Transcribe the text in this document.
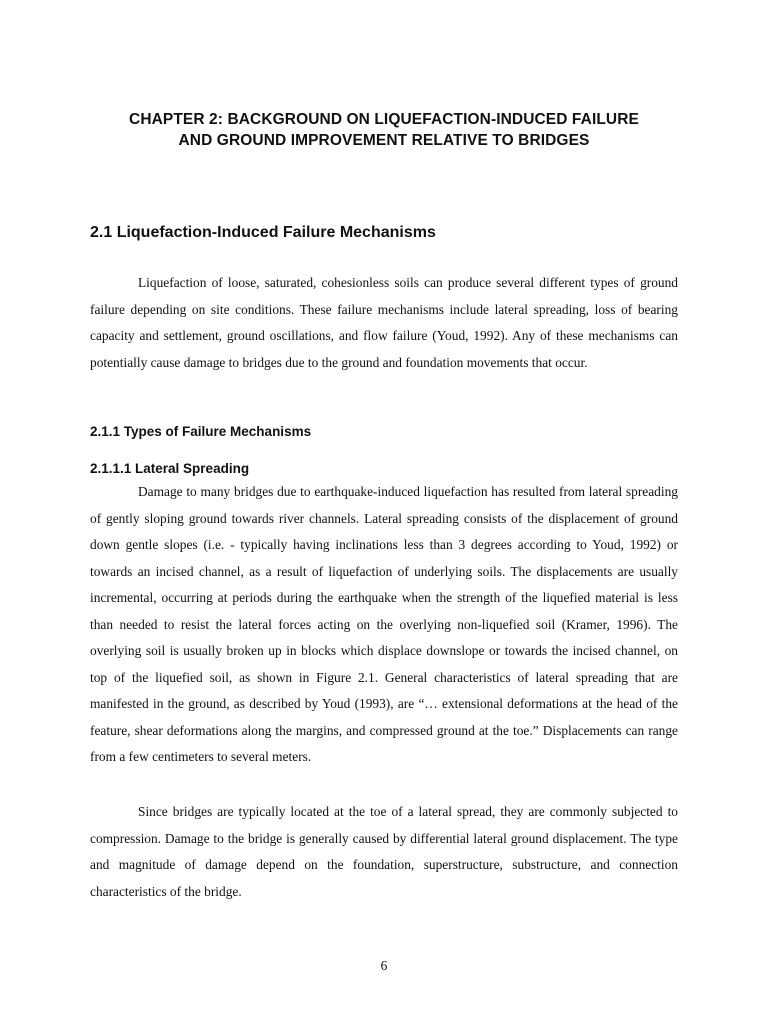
CHAPTER 2: BACKGROUND ON LIQUEFACTION-INDUCED FAILURE
AND GROUND IMPROVEMENT RELATIVE TO BRIDGES
2.1 Liquefaction-Induced Failure Mechanisms

Liquefaction of loose, saturated, cohesionless soils can produce several different types of ground failure depending on site conditions. These failure mechanisms include lateral spreading, loss of bearing capacity and settlement, ground oscillations, and flow failure (Youd, 1992). Any of these mechanisms can potentially cause damage to bridges due to the ground and foundation movements that occur.

2.1.1 Types of Failure Mechanisms
2.1.1.1 Lateral Spreading

Damage to many bridges due to earthquake-induced liquefaction has resulted from lateral spreading of gently sloping ground towards river channels. Lateral spreading consists of the displacement of ground down gentle slopes (i.e. - typically having inclinations less than 3 degrees according to Youd, 1992) or towards an incised channel, as a result of liquefaction of underlying soils. The displacements are usually incremental, occurring at periods during the earthquake when the strength of the liquefied material is less than needed to resist the lateral forces acting on the overlying non-liquefied soil (Kramer, 1996). The overlying soil is usually broken up in blocks which displace downslope or towards the incised channel, on top of the liquefied soil, as shown in Figure 2.1. General characteristics of lateral spreading that are manifested in the ground, as described by Youd (1993), are “… extensional deformations at the head of the feature, shear deformations along the margins, and compressed ground at the toe.” Displacements can range from a few centimeters to several meters.

Since bridges are typically located at the toe of a lateral spread, they are commonly subjected to compression. Damage to the bridge is generally caused by differential lateral ground displacement. The type and magnitude of damage depend on the foundation, superstructure, substructure, and connection characteristics of the bridge.

6
